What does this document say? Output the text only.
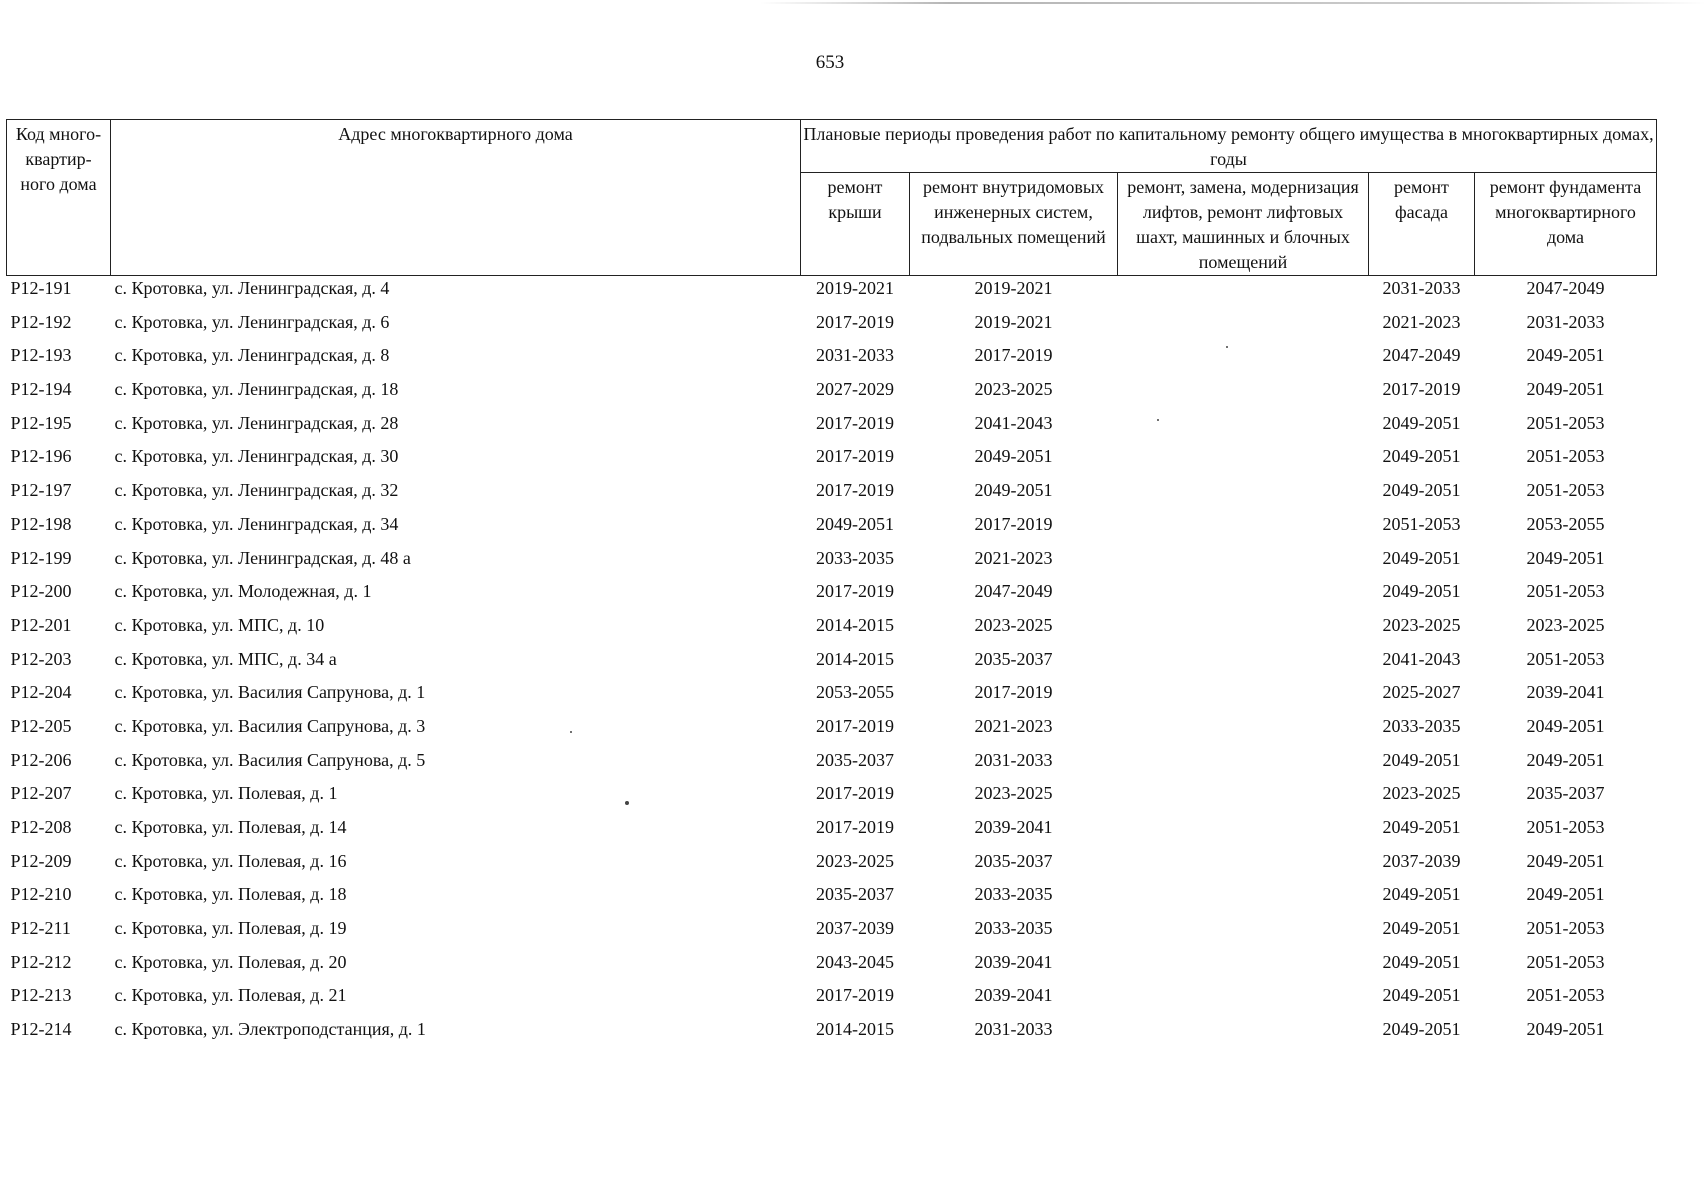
653
Код много-квартир-ного дома	Адрес многоквартирного дома	Плановые периоды проведения работ по капитальному ремонту общего имущества в многоквартирных домах, годы				
		ремонт крыши	ремонт внутридомовых инженерных систем, подвальных помещений	ремонт, замена, модернизация лифтов, ремонт лифтовых шахт, машинных и блочных помещений	ремонт фасада	ремонт фундамента многоквартирного дома
P12-191	с. Кротовка, ул. Ленинградская, д. 4	2019-2021	2019-2021		2031-2033	2047-2049
P12-192	с. Кротовка, ул. Ленинградская, д. 6	2017-2019	2019-2021		2021-2023	2031-2033
P12-193	с. Кротовка, ул. Ленинградская, д. 8	2031-2033	2017-2019		2047-2049	2049-2051
P12-194	с. Кротовка, ул. Ленинградская, д. 18	2027-2029	2023-2025		2017-2019	2049-2051
P12-195	с. Кротовка, ул. Ленинградская, д. 28	2017-2019	2041-2043		2049-2051	2051-2053
P12-196	с. Кротовка, ул. Ленинградская, д. 30	2017-2019	2049-2051		2049-2051	2051-2053
P12-197	с. Кротовка, ул. Ленинградская, д. 32	2017-2019	2049-2051		2049-2051	2051-2053
P12-198	с. Кротовка, ул. Ленинградская, д. 34	2049-2051	2017-2019		2051-2053	2053-2055
P12-199	с. Кротовка, ул. Ленинградская, д. 48 а	2033-2035	2021-2023		2049-2051	2049-2051
P12-200	с. Кротовка, ул. Молодежная, д. 1	2017-2019	2047-2049		2049-2051	2051-2053
P12-201	с. Кротовка, ул. МПС, д. 10	2014-2015	2023-2025		2023-2025	2023-2025
P12-203	с. Кротовка, ул. МПС, д. 34 а	2014-2015	2035-2037		2041-2043	2051-2053
P12-204	с. Кротовка, ул. Василия Сапрунова, д. 1	2053-2055	2017-2019		2025-2027	2039-2041
P12-205	с. Кротовка, ул. Василия Сапрунова, д. 3	2017-2019	2021-2023		2033-2035	2049-2051
P12-206	с. Кротовка, ул. Василия Сапрунова, д. 5	2035-2037	2031-2033		2049-2051	2049-2051
P12-207	с. Кротовка, ул. Полевая, д. 1	2017-2019	2023-2025		2023-2025	2035-2037
P12-208	с. Кротовка, ул. Полевая, д. 14	2017-2019	2039-2041		2049-2051	2051-2053
P12-209	с. Кротовка, ул. Полевая, д. 16	2023-2025	2035-2037		2037-2039	2049-2051
P12-210	с. Кротовка, ул. Полевая, д. 18	2035-2037	2033-2035		2049-2051	2049-2051
P12-211	с. Кротовка, ул. Полевая, д. 19	2037-2039	2033-2035		2049-2051	2051-2053
P12-212	с. Кротовка, ул. Полевая, д. 20	2043-2045	2039-2041		2049-2051	2051-2053
P12-213	с. Кротовка, ул. Полевая, д. 21	2017-2019	2039-2041		2049-2051	2051-2053
P12-214	с. Кротовка, ул. Электроподстанция, д. 1	2014-2015	2031-2033		2049-2051	2049-2051
